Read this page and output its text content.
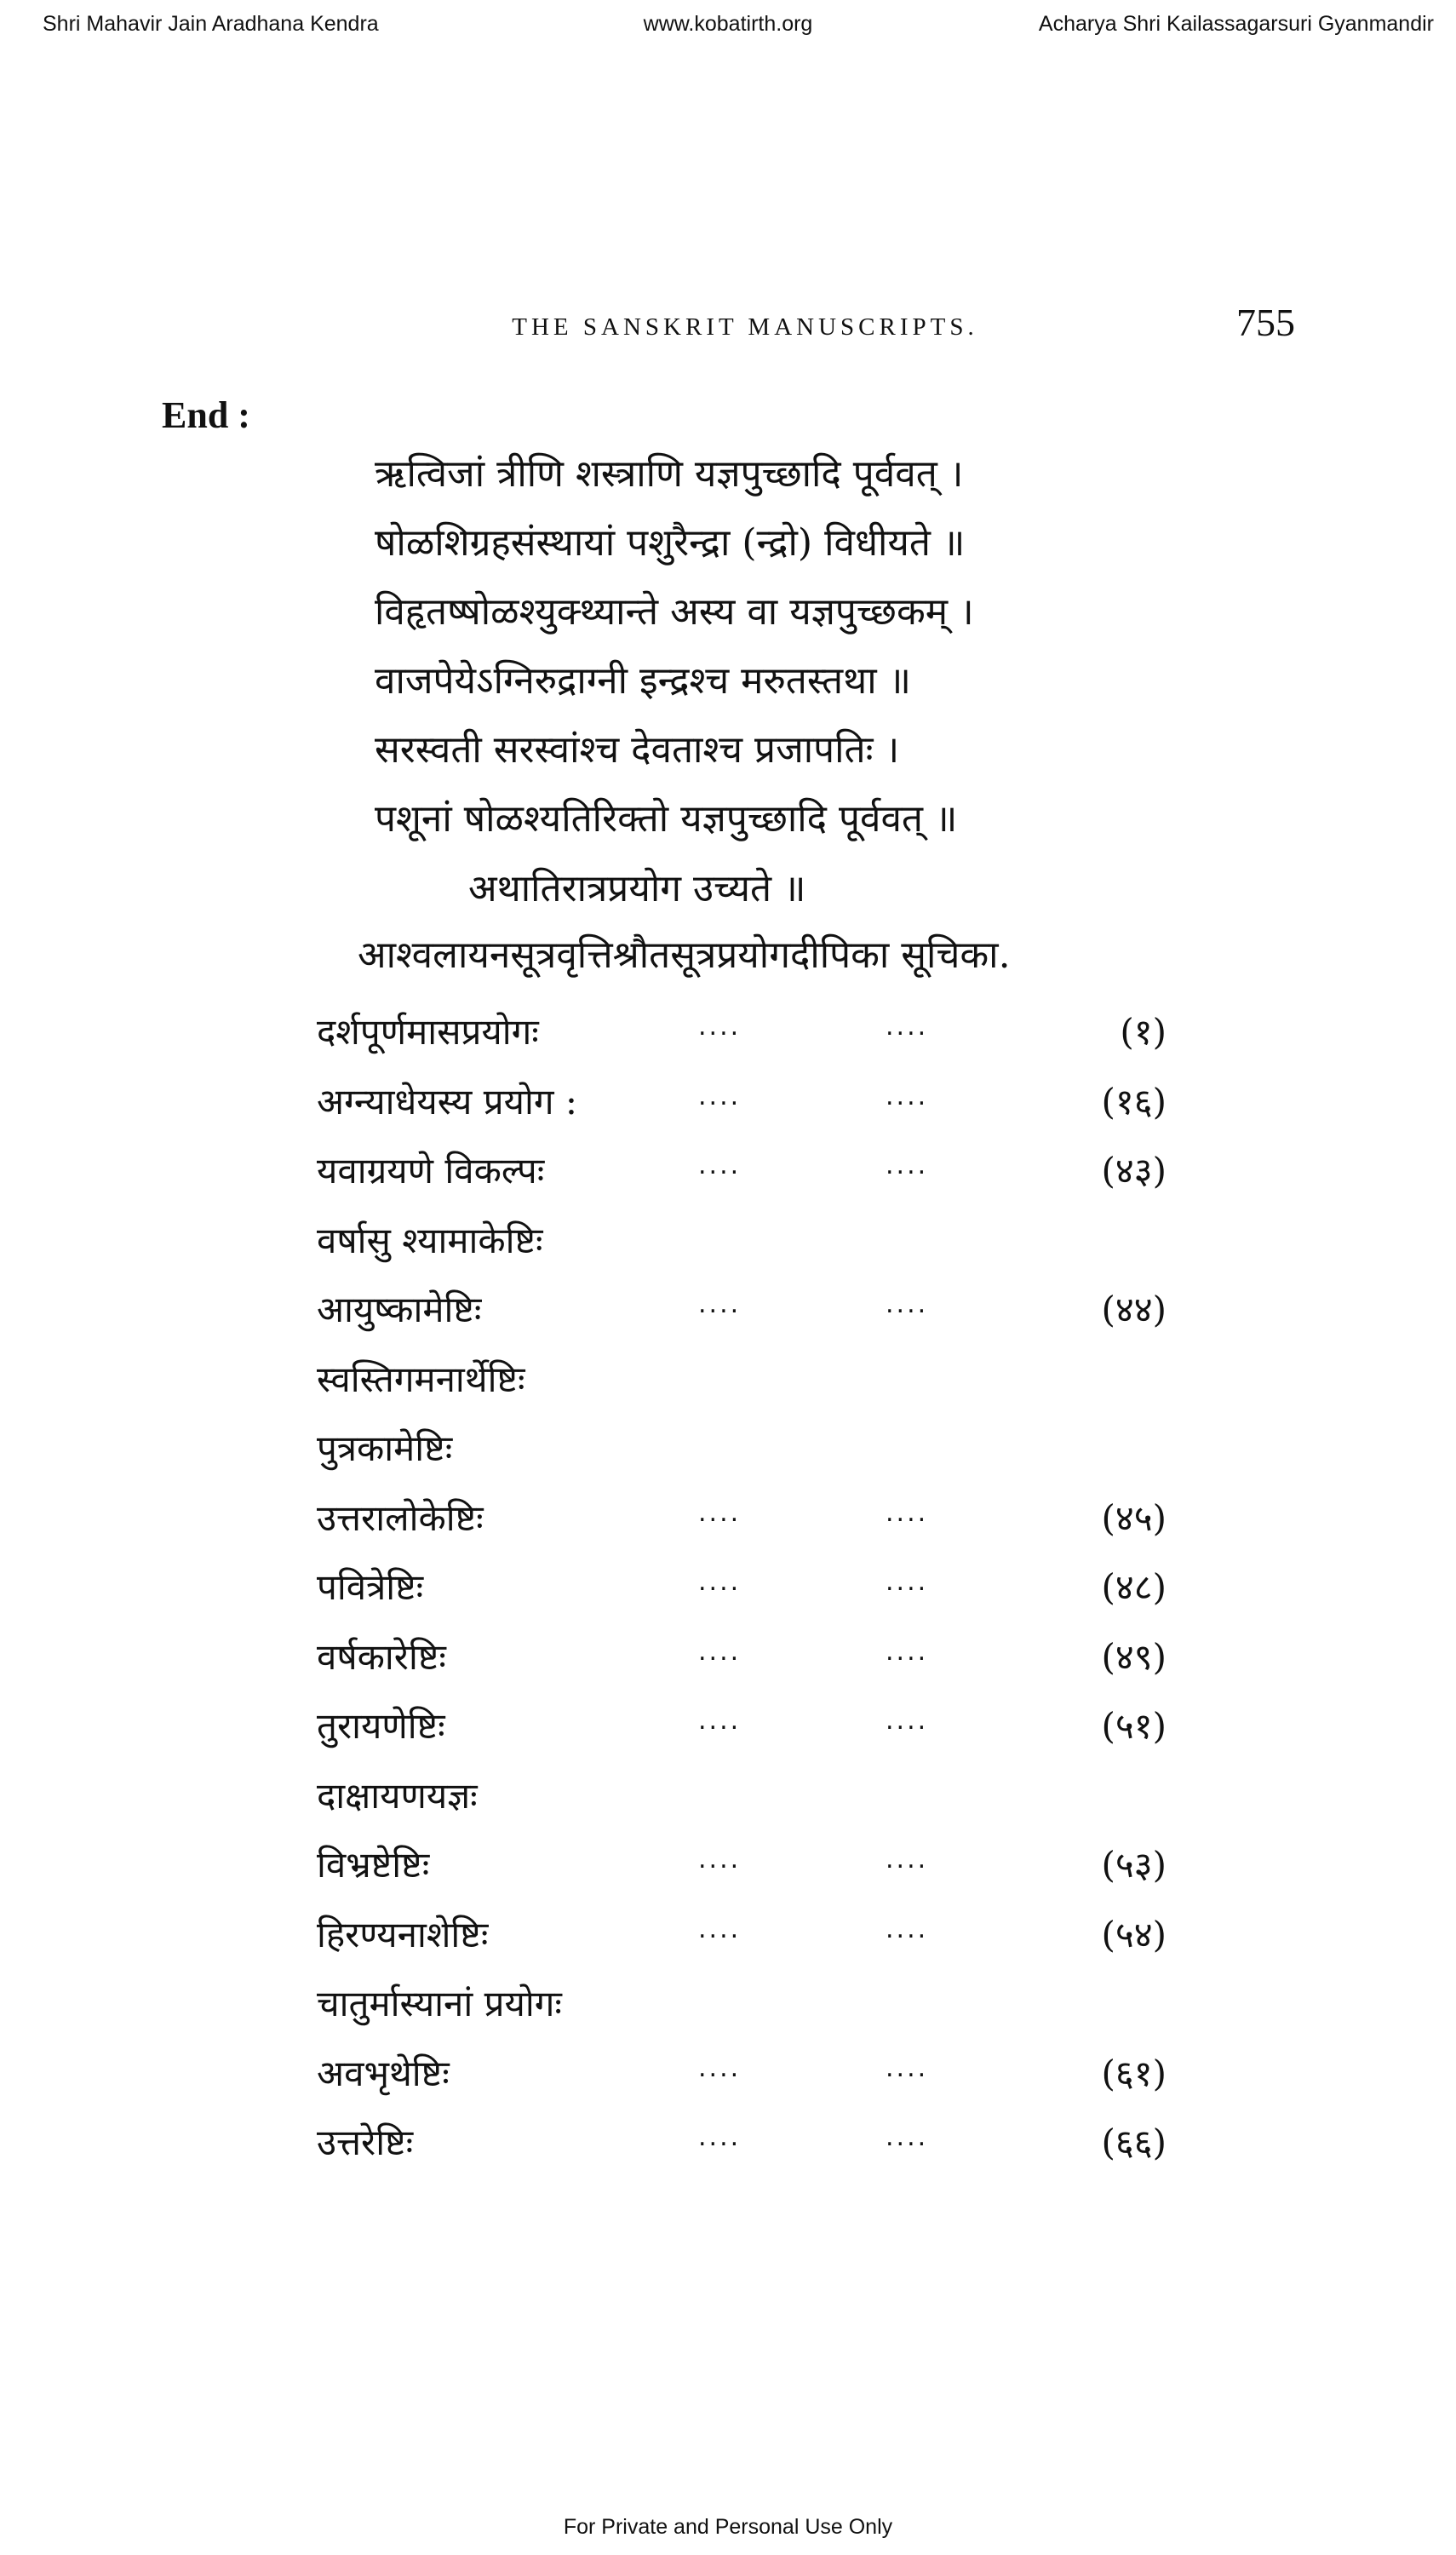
Shri Mahavir Jain Aradhana Kendra	www.kobatirth.org	Acharya Shri Kailassagarsuri Gyanmandir
THE SANSKRIT MANUSCRIPTS.	755
End :

ऋत्विजां त्रीणि शस्त्राणि यज्ञपुच्छादि पूर्ववत् ।

षोळशिग्रहसंस्थायां पशुरैन्द्रा (न्द्रो) विधीयते ॥

विहृतष्षोळश्युक्थ्यान्ते अस्य वा यज्ञपुच्छकम् ।

वाजपेयेऽग्निरुद्राग्नी इन्द्रश्च मरुतस्तथा ॥

सरस्वती सरस्वांश्च देवताश्च प्रजापतिः ।

पशूनां षोळश्यतिरिक्तो यज्ञपुच्छादि पूर्ववत् ॥

अथातिरात्रप्रयोग उच्यते ॥

आश्वलायनसूत्रवृत्तिश्रौतसूत्रप्रयोगदीपिका सूचिका.

दर्शपूर्णमासप्रयोगः	....	....	(१)
अग्न्याधेयस्य प्रयोग :	....	....	(१६)
यवाग्रयणे विकल्पः	....	....	(४३)
वर्षासु श्यामाकेष्टिः
आयुष्कामेष्टिः	....	....	(४४)
स्वस्तिगमनार्थेष्टिः
पुत्रकामेष्टिः
उत्तरालोकेष्टिः	....	....	(४५)
पवित्रेष्टिः	....	....	(४८)
वर्षकारेष्टिः	....	....	(४९)
तुरायणेष्टिः	....	....	(५१)
दाक्षायणयज्ञः
विभ्रष्टेष्टिः	....	....	(५३)
हिरण्यनाशेष्टिः	....	....	(५४)
चातुर्मास्यानां प्रयोगः
अवभृथेष्टिः	....	....	(६१)
उत्तरेष्टिः	....	....	(६६)
For Private and Personal Use Only
